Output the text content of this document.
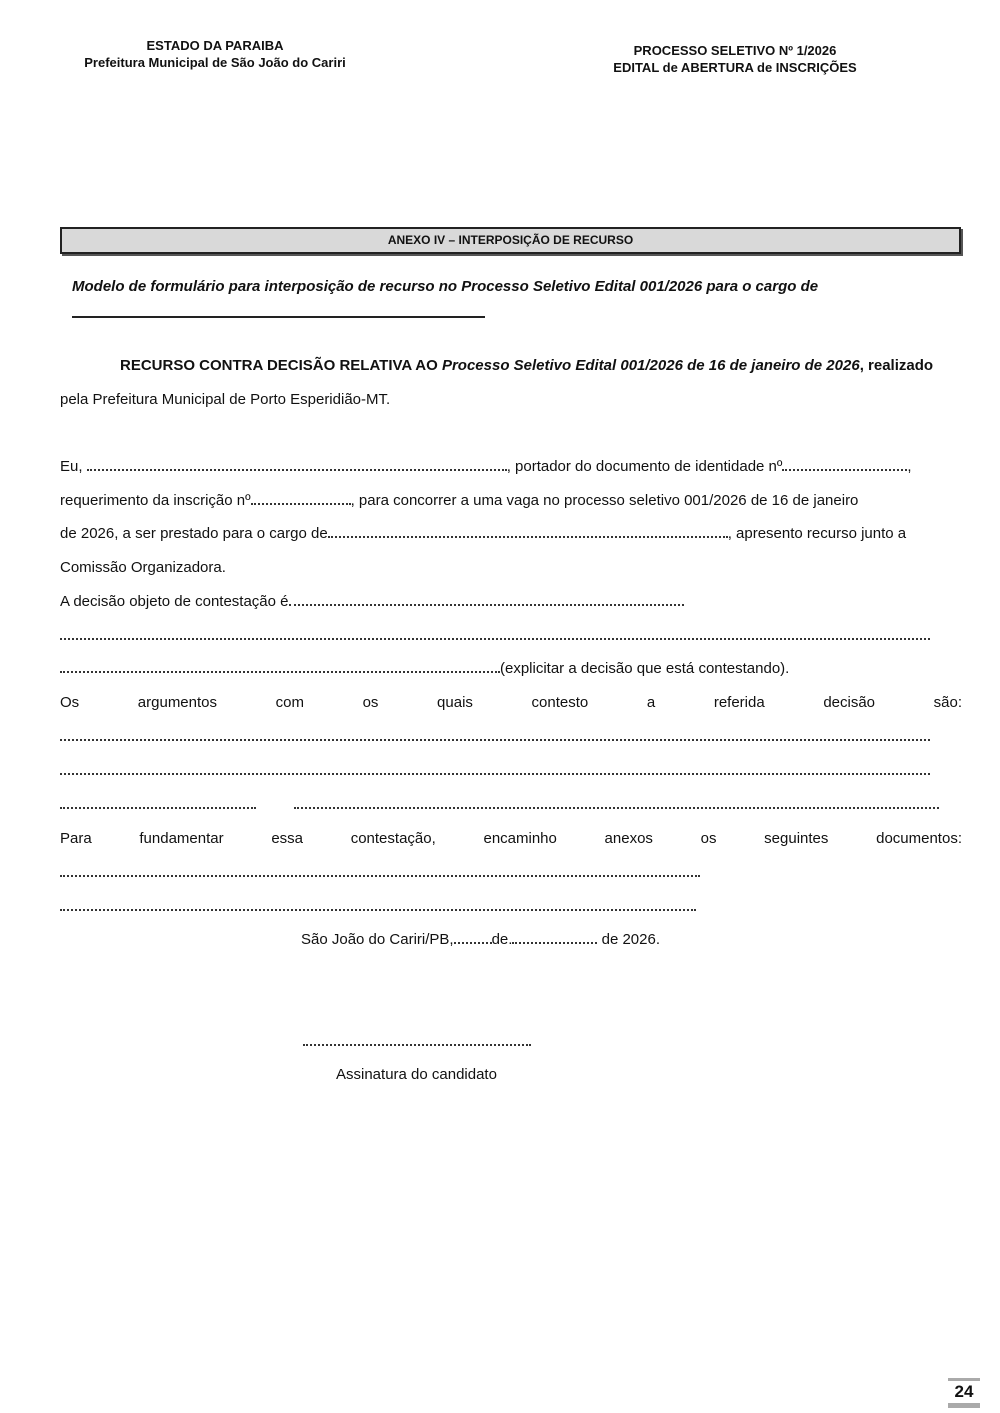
ESTADO DA PARAIBA
Prefeitura Municipal de São João do Cariri
PROCESSO SELETIVO Nº 1/2026
EDITAL de ABERTURA de INSCRIÇÕES
ANEXO IV – INTERPOSIÇÃO DE RECURSO
Modelo de formulário para interposição de recurso no Processo Seletivo Edital 001/2026 para o cargo de
RECURSO CONTRA DECISÃO RELATIVA AO Processo Seletivo Edital 001/2026 de 16 de janeiro de 2026, realizado
pela Prefeitura Municipal de Porto Esperidião-MT.
Eu,	, portador do documento de identidade nº	,
requerimento da inscrição nº	, para concorrer a uma vaga no processo seletivo 001/2026 de 16 de janeiro
de 2026, a ser prestado para o cargo de	, apresento recurso junto a
Comissão Organizadora.
A decisão objeto de contestação é
(explicitar a decisão que está contestando).
Os argumentos com os quais contesto a referida decisão são:
Para fundamentar essa contestação, encaminho anexos os seguintes documentos:
São João do Cariri/PB,	de.	de 2026.
Assinatura do candidato
24
